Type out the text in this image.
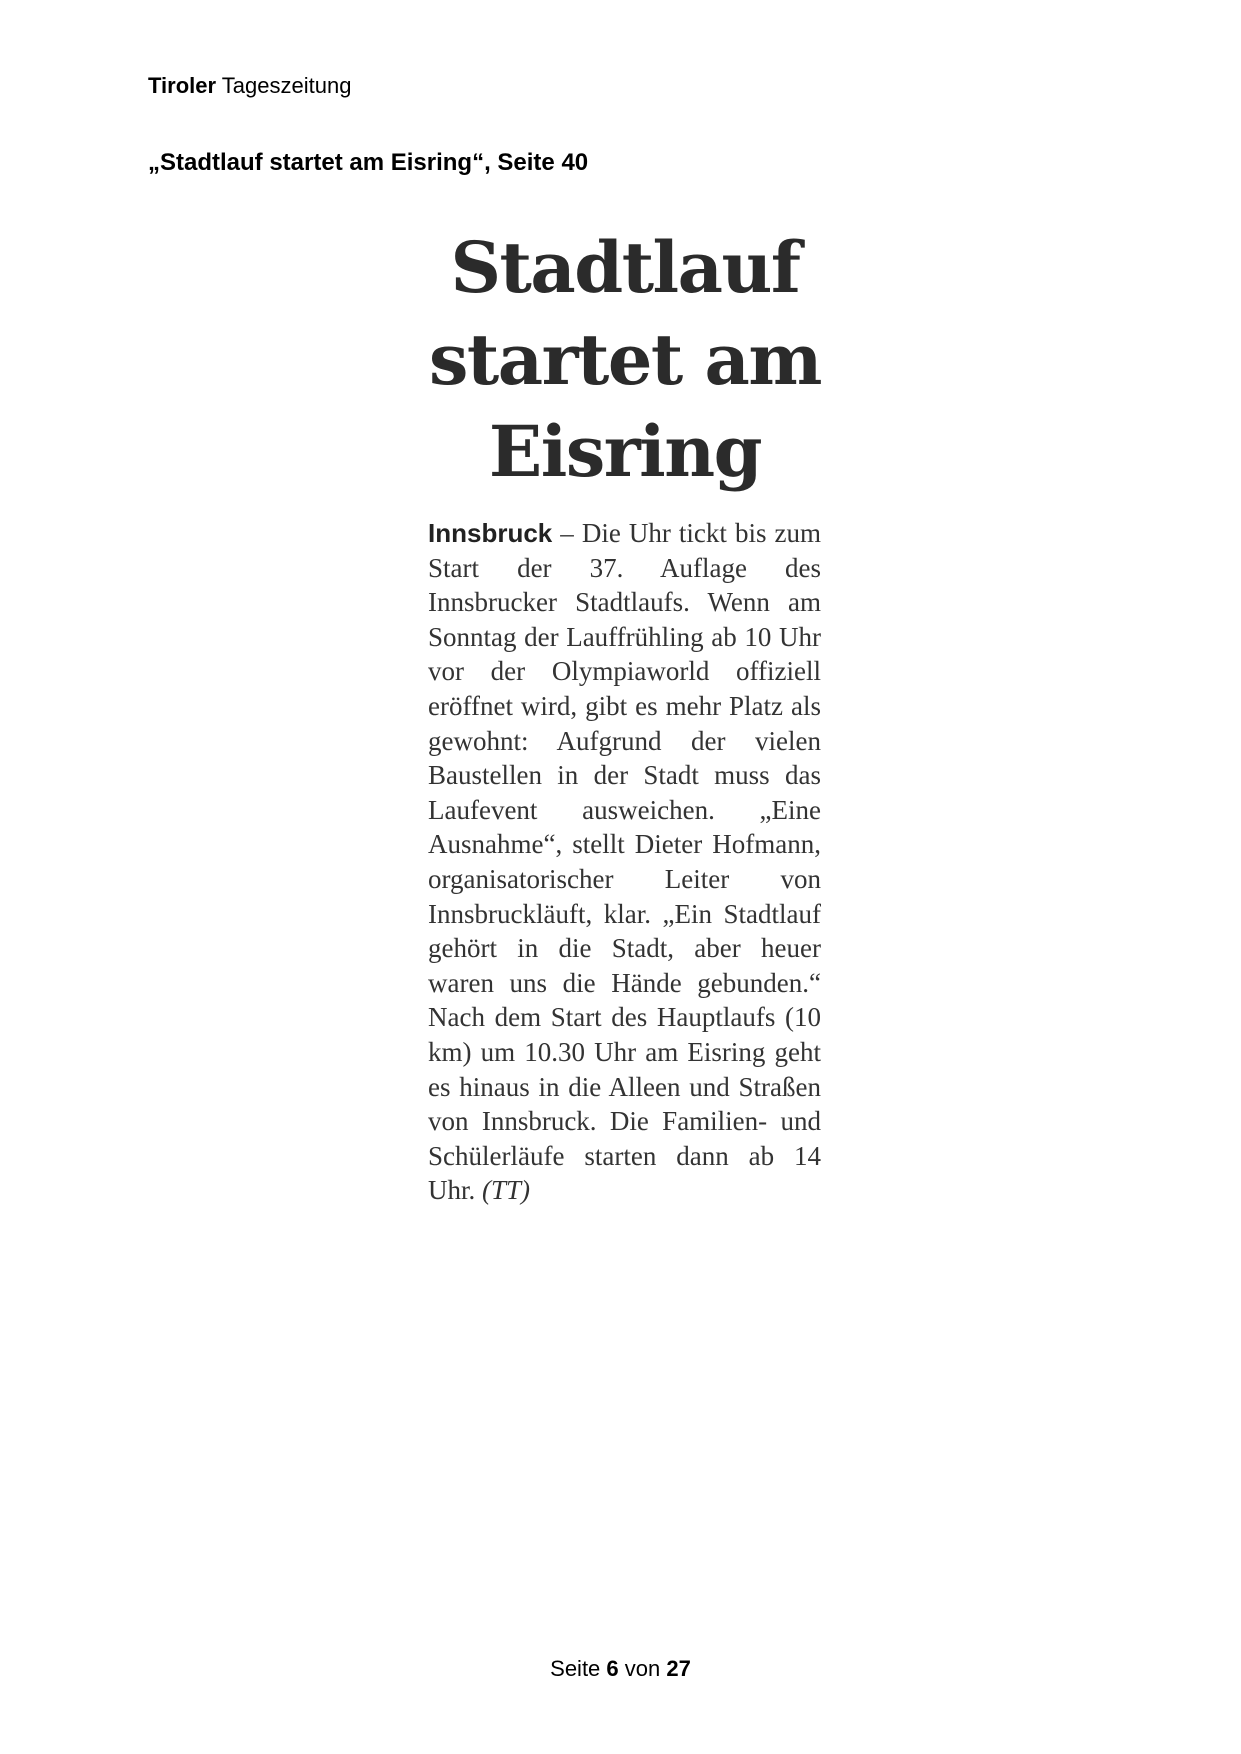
Tiroler Tageszeitung

„Stadtlauf startet am Eisring“, Seite 40

Stadtlauf
startet am
Eisring

Innsbruck – Die Uhr tickt bis zum Start der 37. Auflage des Innsbrucker Stadtlaufs. Wenn am Sonntag der Lauffrühling ab 10 Uhr vor der Olympiaworld offiziell eröffnet wird, gibt es mehr Platz als gewohnt: Aufgrund der vielen Baustellen in der Stadt muss das Laufevent ausweichen. „Eine Ausnahme“, stellt Dieter Hofmann, organisatorischer Leiter von Innsbruckläuft, klar. „Ein Stadtlauf gehört in die Stadt, aber heuer waren uns die Hände gebunden.“ Nach dem Start des Hauptlaufs (10 km) um 10.30 Uhr am Eisring geht es hinaus in die Alleen und Straßen von Innsbruck. Die Familien- und Schülerläufe starten dann ab 14 Uhr. (TT)

Seite 6 von 27
